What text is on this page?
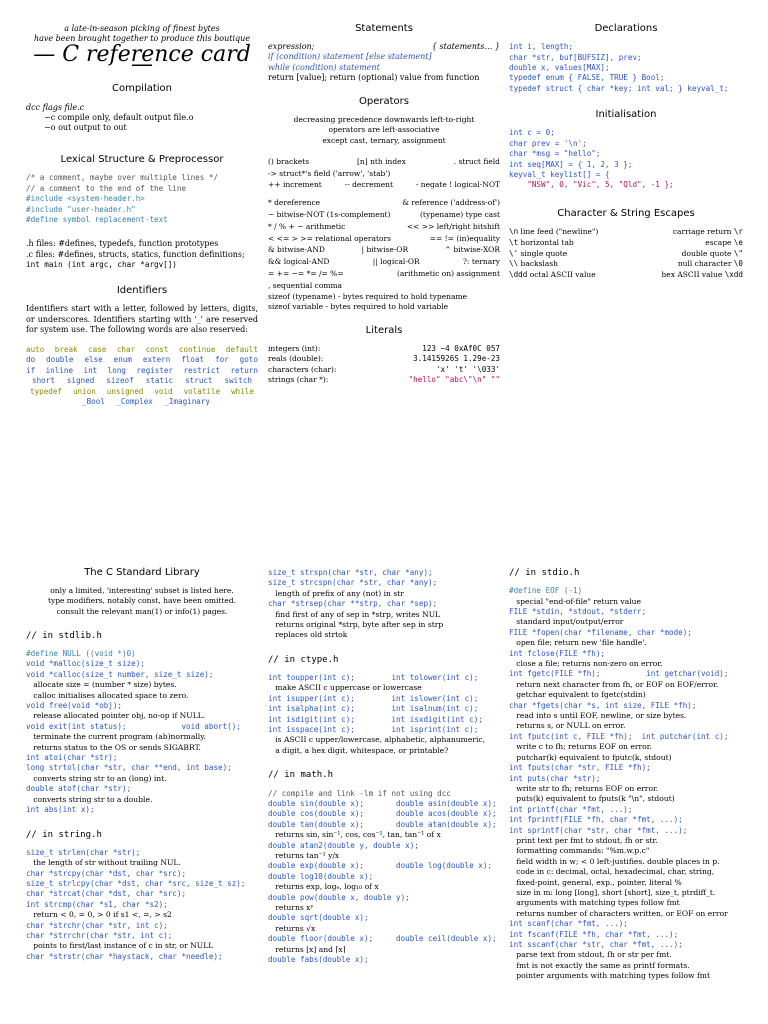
a late-in-season picking of finest bytes
have been brought together to produce this boutique
— C reference card —
Compilation
dcc flags file.c
−c compile only, default output file.o
−o out output to out
Lexical Structure & Preprocessor
/* a comment, maybe over multiple lines */
// a comment to the end of the line
#include <system-header.h>
#include "user-header.h"
#define symbol replacement-text
.h files: #defines, typedefs, function prototypes
.c files: #defines, structs, statics, function definitions;
int main (int argc, char *argv[])
Identifiers
Identifiers start with a letter, followed by letters, digits, or underscores. Identifiers starting with '_' are reserved for system use. The following words are also reserved:
auto break case char const continue default
do double else enum extern float for goto
if inline int long register restrict return
short signed sizeof static struct switch
typedef union unsigned void volatile while
_Bool _Complex _Imaginary
Statements
expression;	{ statements… }
if (condition) statement [else statement]
while (condition) statement
return [value]; return (optional) value from function
Operators
decreasing precedence downwards left-to-right
operators are left-associative
except cast, ternary, assignment
() brackets	[n] nth index	. struct field
-> struct*'s field ('arrow', 'stab')
++ increment	-- decrement	- negate ! logical-NOT
* dereference	& reference ('address-of')
~ bitwise-NOT (1s-complement)	(typename) type cast
* / % + − arithmetic	<< >> left/right bitshift
< <= > >= relational operators	== != (in)equality
& bitwise-AND	| bitwise-OR	^ bitwise-XOR
&& logical-AND	|| logical-OR	?: ternary
= += −= *= /= %=	(arithmetic on) assignment
, sequential comma
sizeof (typename) - bytes required to hold typename
sizeof variable - bytes required to hold variable
Literals
integers (int):	123 −4 0xAf0C 057
reals (double):	3.1415926S 1.29e-23
characters (char):	'x' 't' '\033'
strings (char *):	"hello" "abc\"\n" ""
Declarations
int i, length;
char *str, buf[BUFSIZ], prev;
double x, values[MAX];
typedef enum { FALSE, TRUE } Bool;
typedef struct { char *key; int val; } keyval_t;
Initialisation
int c = 0;
char prev = '\n';
char *msg = "hello";
int seq[MAX] = { 1, 2, 3 };
keyval_t keylist[] = {
"NSW", 0, "Vic", 5, "Qld", -1 };
Character & String Escapes
\n line feed ("newline")	carriage return \r
\t horizontal tab	escape \e
\' single quote	double quote \"
\\ backslash	null character \0
\ddd octal ASCII value	hex ASCII value \xdd
The C Standard Library
only a limited, 'interesting' subset is listed here.
type modifiers, notably const, have been omitted.
consult the relevant man(1) or info(1) pages.
// in stdlib.h
#define NULL ((void *)0)
void *malloc(size_t size);
void *calloc(size_t number, size_t size);
allocate size = (number * size) bytes.
calloc initialises allocated space to zero.
void free(void *obj);
release allocated pointer obj, no-op if NULL.
void exit(int status);            void abort();
terminate the current program (ab)normally.
returns status to the OS or sends SIGABRT.
int atoi(char *str);
long strtol(char *str, char **end, int base);
converts string str to an (long) int.
double atof(char *str);
converts string str to a double.
int abs(int x);
// in string.h
size_t strlen(char *str);
the length of str without trailing NUL.
char *strcpy(char *dst, char *src);
size_t strlcpy(char *dst, char *src, size_t sz);
char *strcat(char *dst, char *src);
int strcmp(char *s1, char *s2);
return < 0, = 0, > 0 if s1 <, =, > s2
char *strchr(char *str, int c);
char *strrchr(char *str, int c);
points to first/last instance of c in str, or NULL
char *strstr(char *haystack, char *needle);
size_t strspn(char *str, char *any);
size_t strcspn(char *str, char *any);
length of prefix of any (not) in str
char *strsep(char **strp, char *sep);
find first of any of sep in *strp, writes NUL
returns original *strp, byte after sep in strp
replaces old strtok
// in ctype.h
int toupper(int c);        int tolower(int c);
make ASCII c uppercase or lowercase
int isupper(int c);        int islower(int c);
int isalpha(int c);        int isalnum(int c);
int isdigit(int c);        int isxdigit(int c);
int isspace(int c);        int isprint(int c);
is ASCII c upper/lowercase, alphabetic, alphanumeric,
a digit, a hex digit, whitespace, or printable?
// in math.h
// compile and link -lm if not using dcc
double sin(double x);       double asin(double x);
double cos(double x);       double acos(double x);
double tan(double x);       double atan(double x);
returns sin, sin⁻¹, cos, cos⁻¹, tan, tan⁻¹ of x
double atan2(double y, double x);
returns tan⁻¹ y/x
double exp(double x);       double log(double x);
double log10(double x);
returns exp, logₑ, log₁₀ of x
double pow(double x, double y);
returns xʸ
double sqrt(double x);
returns √x
double floor(double x);     double ceil(double x);
returns ⌊x⌋ and ⌈x⌉
double fabs(double x);
// in stdio.h
#define EOF (-1)
special "end-of-file" return value
FILE *stdin, *stdout, *stderr;
standard input/output/error
FILE *fopen(char *filename, char *mode);
open file; return new 'file handle'.
int fclose(FILE *fh);
close a file; returns non-zero on error.
int fgetc(FILE *fh);          int getchar(void);
return next character from fh, or EOF on EOF/error.
getchar equivalent to fgetc(stdin)
char *fgets(char *s, int size, FILE *fh);
read into s until EOF, newline, or size bytes.
returns s, or NULL on error.
int fputc(int c, FILE *fh);  int putchar(int c);
write c to fh; returns EOF on error.
putchar(k) equivalent to fputc(k, stdout)
int fputs(char *str, FILE *fh);
int puts(char *str);
write str to fh; returns EOF on error.
puts(k) equivalent to fputs(k "\n", stdout)
int printf(char *fmt, ...);
int fprintf(FILE *fh, char *fmt, ...);
int sprintf(char *str, char *fmt, ...);
print text per fmt to stdout, fh or str.
formatting commands: "%m.w.p.c"
field width in w; < 0 left-justifies. double places in p.
code in c: decimal, octal, hexadecimal, char, string,
fixed-point, general, exp., pointer, literal %
size in m: long [long], short [short], size_t, ptrdiff_t.
arguments with matching types follow fmt
returns number of characters written, or EOF on error
int scanf(char *fmt, ...);
int fscanf(FILE *fh, char *fmt, ...);
int sscanf(char *str, char *fmt, ...);
parse text from stdout, fh or str per fmt.
fmt is not exactly the same as printf formats.
pointer arguments with matching types follow fmt
